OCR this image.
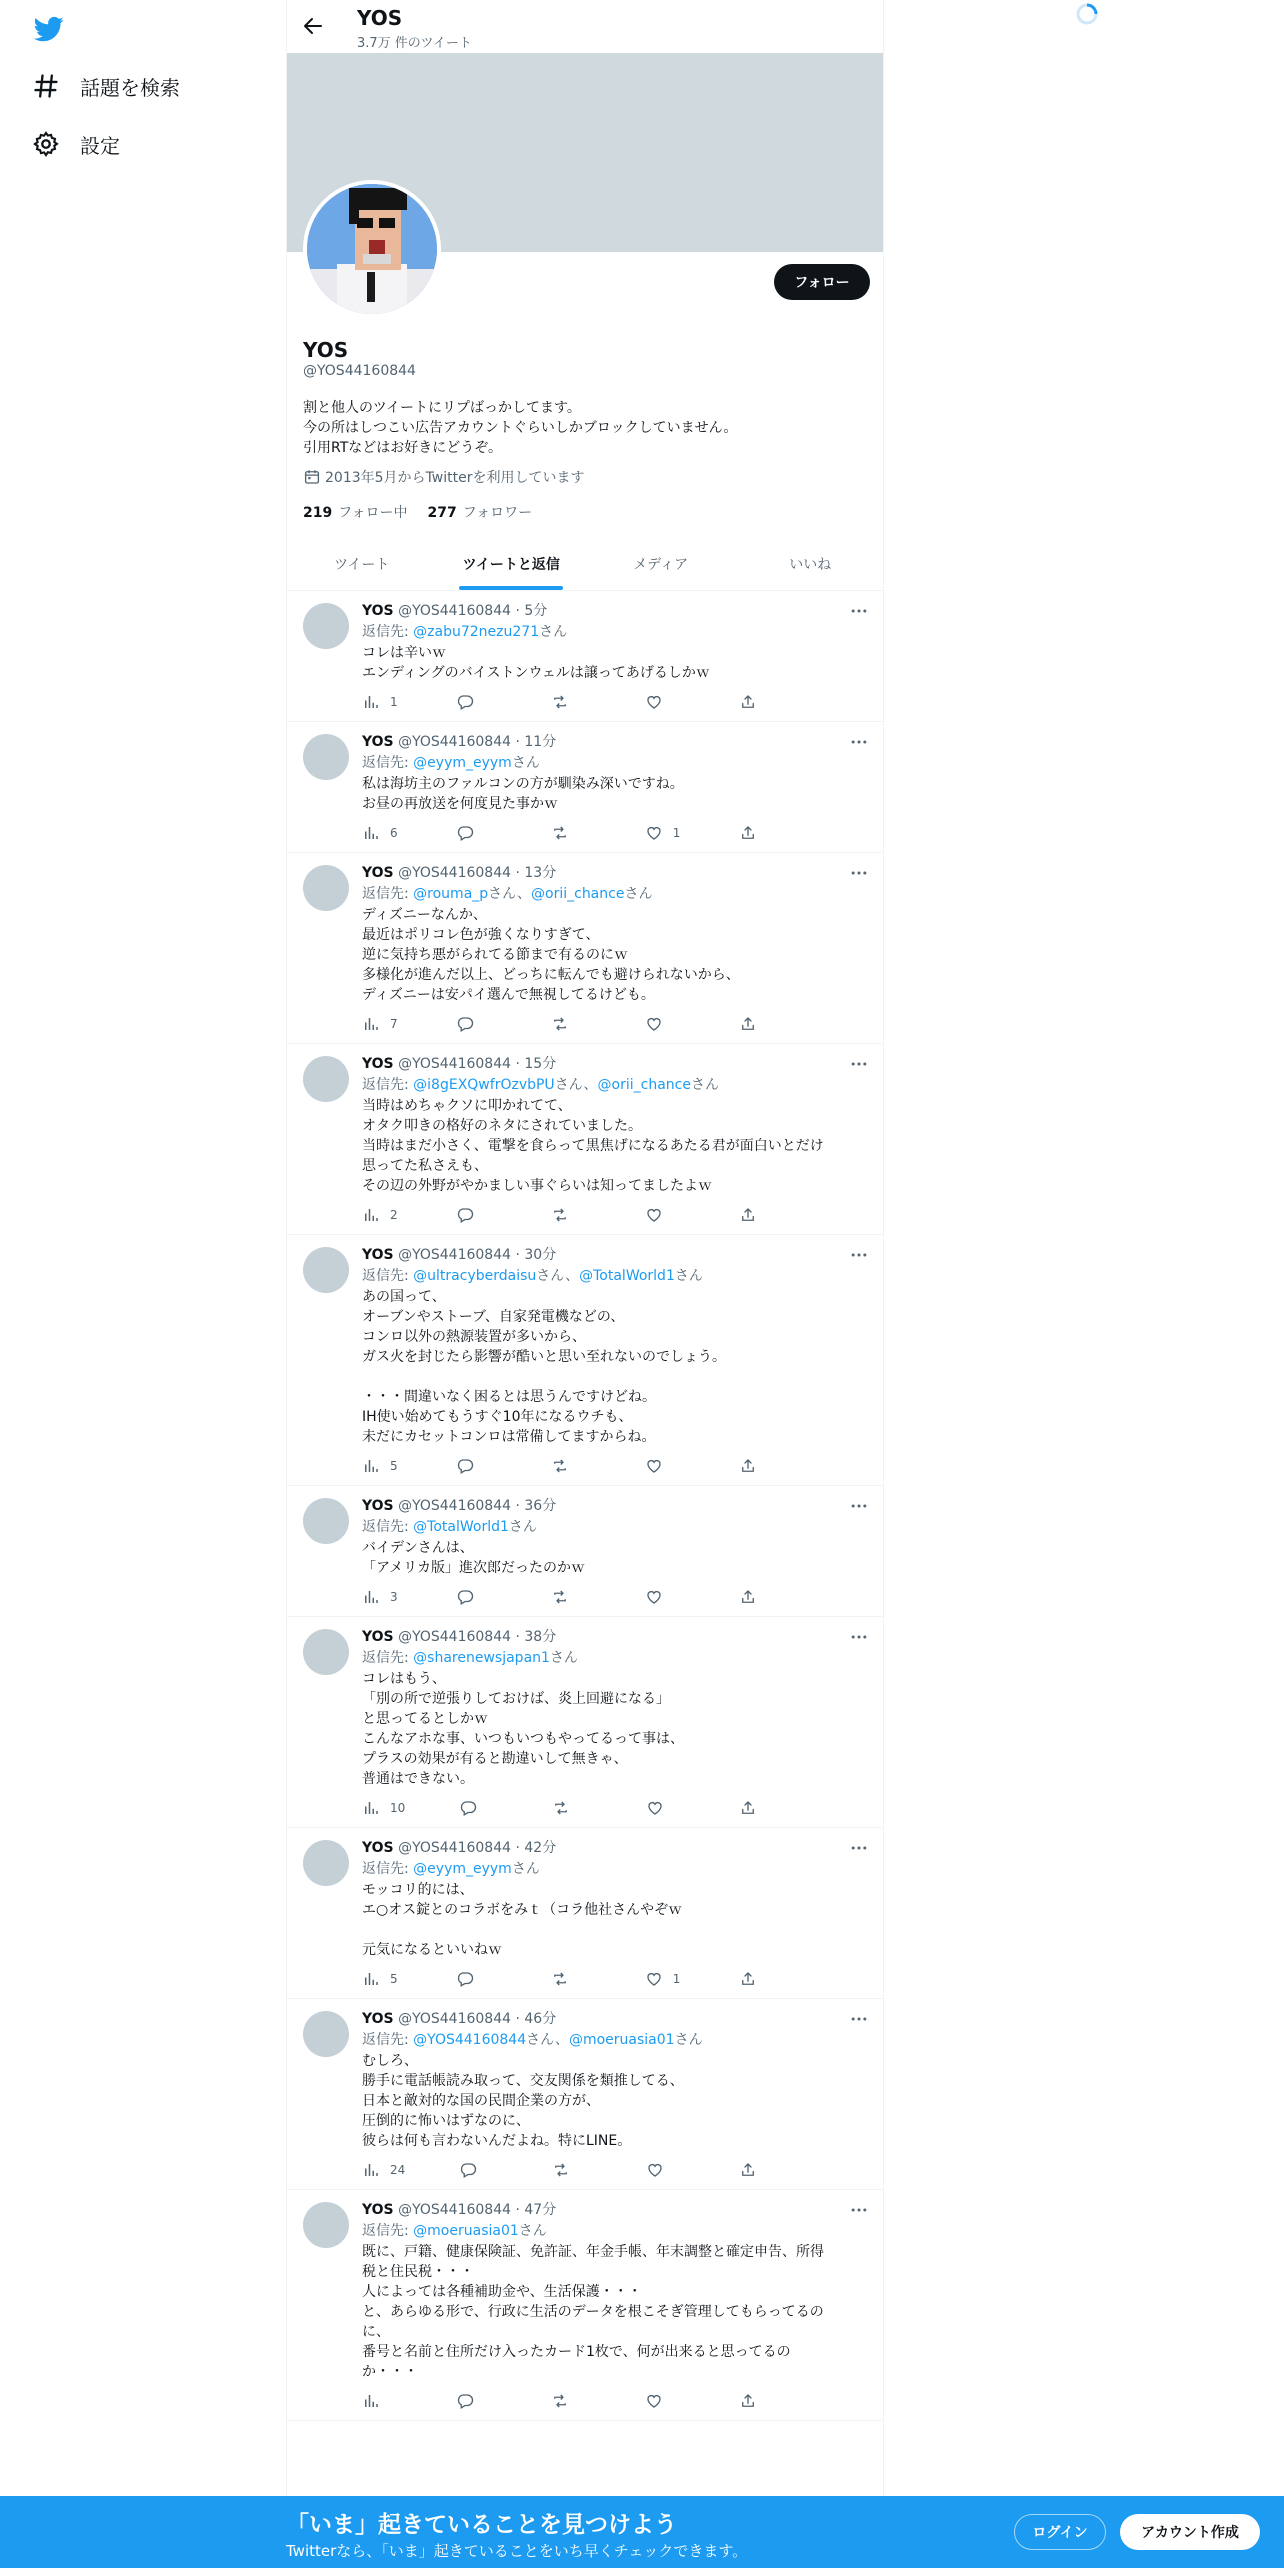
話題を検索
設定
YOS
3.7万 件のツイート
フォロー
YOS
@YOS44160844
割と他人のツイートにリプばっかしてます。
今の所はしつこい広告アカウントぐらいしかブロックしていません。
引用RTなどはお好きにどうぞ。
2013年5月からTwitterを利用しています
219 フォロー中 277 フォロワー
ツイート	ツイートと返信	メディア	いいね
YOS @YOS44160844 · 5分
返信先: @zabu72nezu271さん
コレは辛いｗ
エンディングのバイストンウェルは譲ってあげるしかｗ
1
YOS @YOS44160844 · 11分
返信先: @eyym_eyymさん
私は海坊主のファルコンの方が馴染み深いですね。
お昼の再放送を何度見た事かｗ
6	1
YOS @YOS44160844 · 13分
返信先: @rouma_pさん、@orii_chanceさん
ディズニーなんか、
最近はポリコレ色が強くなりすぎて、
逆に気持ち悪がられてる節まで有るのにｗ
多様化が進んだ以上、どっちに転んでも避けられないから、
ディズニーは安パイ選んで無視してるけども。
7
YOS @YOS44160844 · 15分
返信先: @i8gEXQwfrOzvbPUさん、@orii_chanceさん
当時はめちゃクソに叩かれてて、
オタク叩きの格好のネタにされていました。
当時はまだ小さく、電撃を食らって黒焦げになるあたる君が面白いとだけ
思ってた私さえも、
その辺の外野がやかましい事ぐらいは知ってましたよｗ
2
YOS @YOS44160844 · 30分
返信先: @ultracyberdaisuさん、@TotalWorld1さん
あの国って、
オーブンやストーブ、自家発電機などの、
コンロ以外の熱源装置が多いから、
ガス火を封じたら影響が酷いと思い至れないのでしょう。
・・・間違いなく困るとは思うんですけどね。
IH使い始めてもうすぐ10年になるウチも、
未だにカセットコンロは常備してますからね。
5
YOS @YOS44160844 · 36分
返信先: @TotalWorld1さん
バイデンさんは、
「アメリカ版」進次郎だったのかｗ
3
YOS @YOS44160844 · 38分
返信先: @sharenewsjapan1さん
コレはもう、
「別の所で逆張りしておけば、炎上回避になる」
と思ってるとしかｗ
こんなアホな事、いつもいつもやってるって事は、
プラスの効果が有ると勘違いして無きゃ、
普通はできない。
10
YOS @YOS44160844 · 42分
返信先: @eyym_eyymさん
モッコリ的には、
エ○オス錠とのコラボをみｔ（コラ他社さんやぞｗ
元気になるといいねｗ
5	1
YOS @YOS44160844 · 46分
返信先: @YOS44160844さん、@moeruasia01さん
むしろ、
勝手に電話帳読み取って、交友関係を類推してる、
日本と敵対的な国の民間企業の方が、
圧倒的に怖いはずなのに、
彼らは何も言わないんだよね。特にLINE。
24
YOS @YOS44160844 · 47分
返信先: @moeruasia01さん
既に、戸籍、健康保険証、免許証、年金手帳、年末調整と確定申告、所得
税と住民税・・・
人によっては各種補助金や、生活保護・・・
と、あらゆる形で、行政に生活のデータを根こそぎ管理してもらってるの
に、
番号と名前と住所だけ入ったカード1枚で、何が出来ると思ってるの
か・・・
「いま」起きていることを見つけよう
Twitterなら、「いま」起きていることをいち早くチェックできます。
ログイン	アカウント作成
